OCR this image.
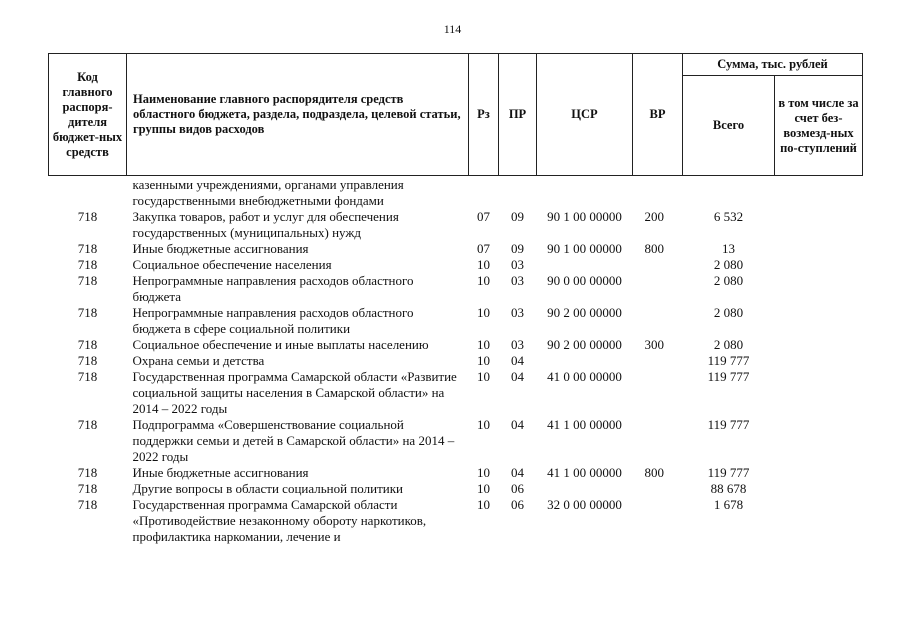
114
Код главного распоря-дителя бюджет-ных средств	Наименование главного распорядителя средств областного бюджета, раздела, подраздела, целевой статьи, группы видов расходов	Рз	ПР	ЦСР	ВР	Сумма, тыс. рублей	
						Всего	в том числе за счет без-возмезд-ных по-ступлений
	казенными учреждениями, органами управления государственными внебюджетными фондами						
718	Закупка товаров, работ и услуг для обеспечения государственных (муниципальных) нужд	07	09	90 1 00 00000	200	6 532	
718	Иные бюджетные ассигнования	07	09	90 1 00 00000	800	13	
718	Социальное обеспечение населения	10	03			2 080	
718	Непрограммные направления расходов областного бюджета	10	03	90 0 00 00000		2 080	
718	Непрограммные направления расходов областного бюджета в сфере социальной политики	10	03	90 2 00 00000		2 080	
718	Социальное обеспечение и иные выплаты населению	10	03	90 2 00 00000	300	2 080	
718	Охрана семьи и детства	10	04			119 777	
718	Государственная программа Самарской области «Развитие социальной защиты населения в Самарской области» на 2014 – 2022 годы	10	04	41 0 00 00000		119 777	
718	Подпрограмма «Совершенствование социальной поддержки семьи и детей в Самарской области» на 2014 – 2022 годы	10	04	41 1 00 00000		119 777	
718	Иные бюджетные ассигнования	10	04	41 1 00 00000	800	119 777	
718	Другие вопросы в области социальной политики	10	06			88 678	
718	Государственная программа Самарской области «Противодействие незаконному обороту наркотиков, профилактика наркомании, лечение и	10	06	32 0 00 00000		1 678	
